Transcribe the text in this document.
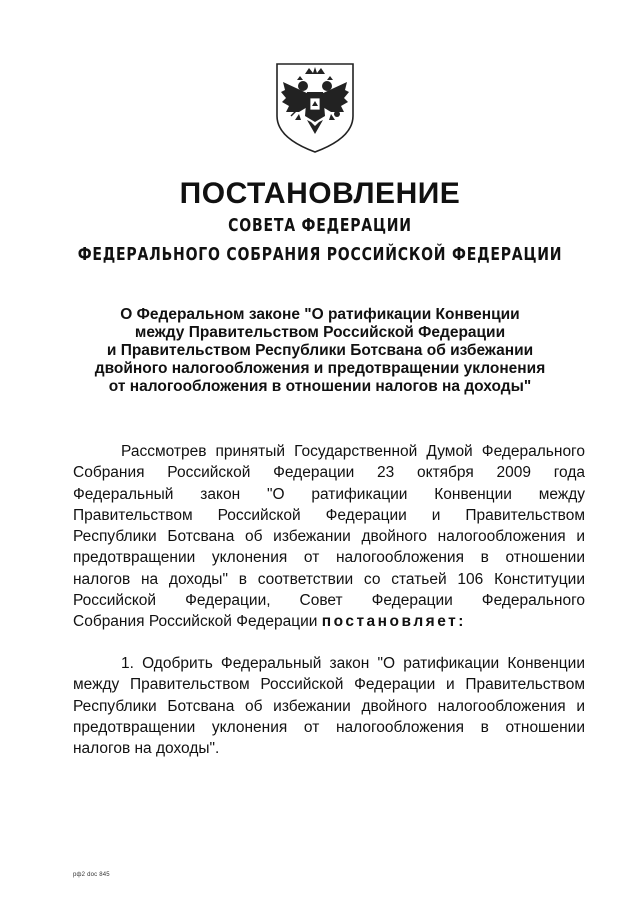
ПОСТАНОВЛЕНИЕ
СОВЕТА ФЕДЕРАЦИИ
ФЕДЕРАЛЬНОГО СОБРАНИЯ РОССИЙСКОЙ ФЕДЕРАЦИИ
О Федеральном законе "О ратификации Конвенции
между Правительством Российской Федерации
и Правительством Республики Ботсвана об избежании
двойного налогообложения и предотвращении уклонения
от налогообложения в отношении налогов на доходы"
Рассмотрев принятый Государственной Думой Федерального
Собрания Российской Федерации 23 октября 2009 года
Федеральный закон "О ратификации Конвенции между
Правительством Российской Федерации и Правительством
Республики Ботсвана об избежании двойного налогообложения и
предотвращении уклонения от налогообложения в отношении
налогов на доходы" в соответствии со статьей 106 Конституции
Российской Федерации, Совет Федерации Федерального
Собрания Российской Федерации постановляет:
1. Одобрить Федеральный закон "О ратификации Конвенции
между Правительством Российской Федерации и Правительством
Республики Ботсвана об избежании двойного налогообложения и
предотвращении уклонения от налогообложения в отношении
налогов на доходы".
рф2 doc 845
